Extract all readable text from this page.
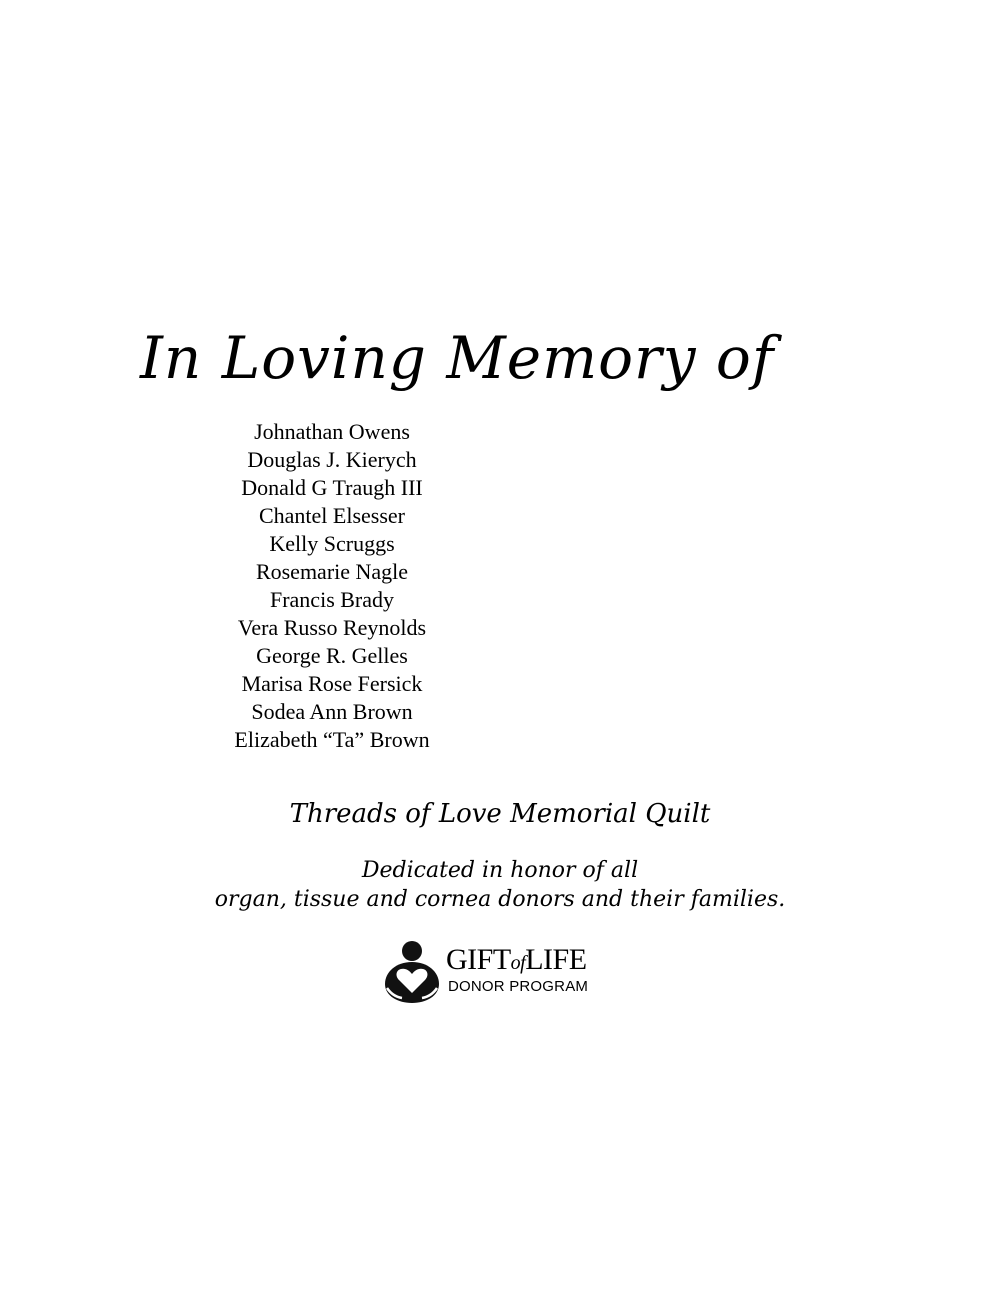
In Loving Memory of
Johnathan Owens
Douglas J. Kierych
Donald G Traugh III
Chantel Elsesser
Kelly Scruggs
Rosemarie Nagle
Francis Brady
Vera Russo Reynolds
George R. Gelles
Marisa Rose Fersick
Sodea Ann Brown
Elizabeth “Ta” Brown
Threads of Love Memorial Quilt
Dedicated in honor of all
organ, tissue and cornea donors and their families.
GIFTofLIFE
DONOR PROGRAM
